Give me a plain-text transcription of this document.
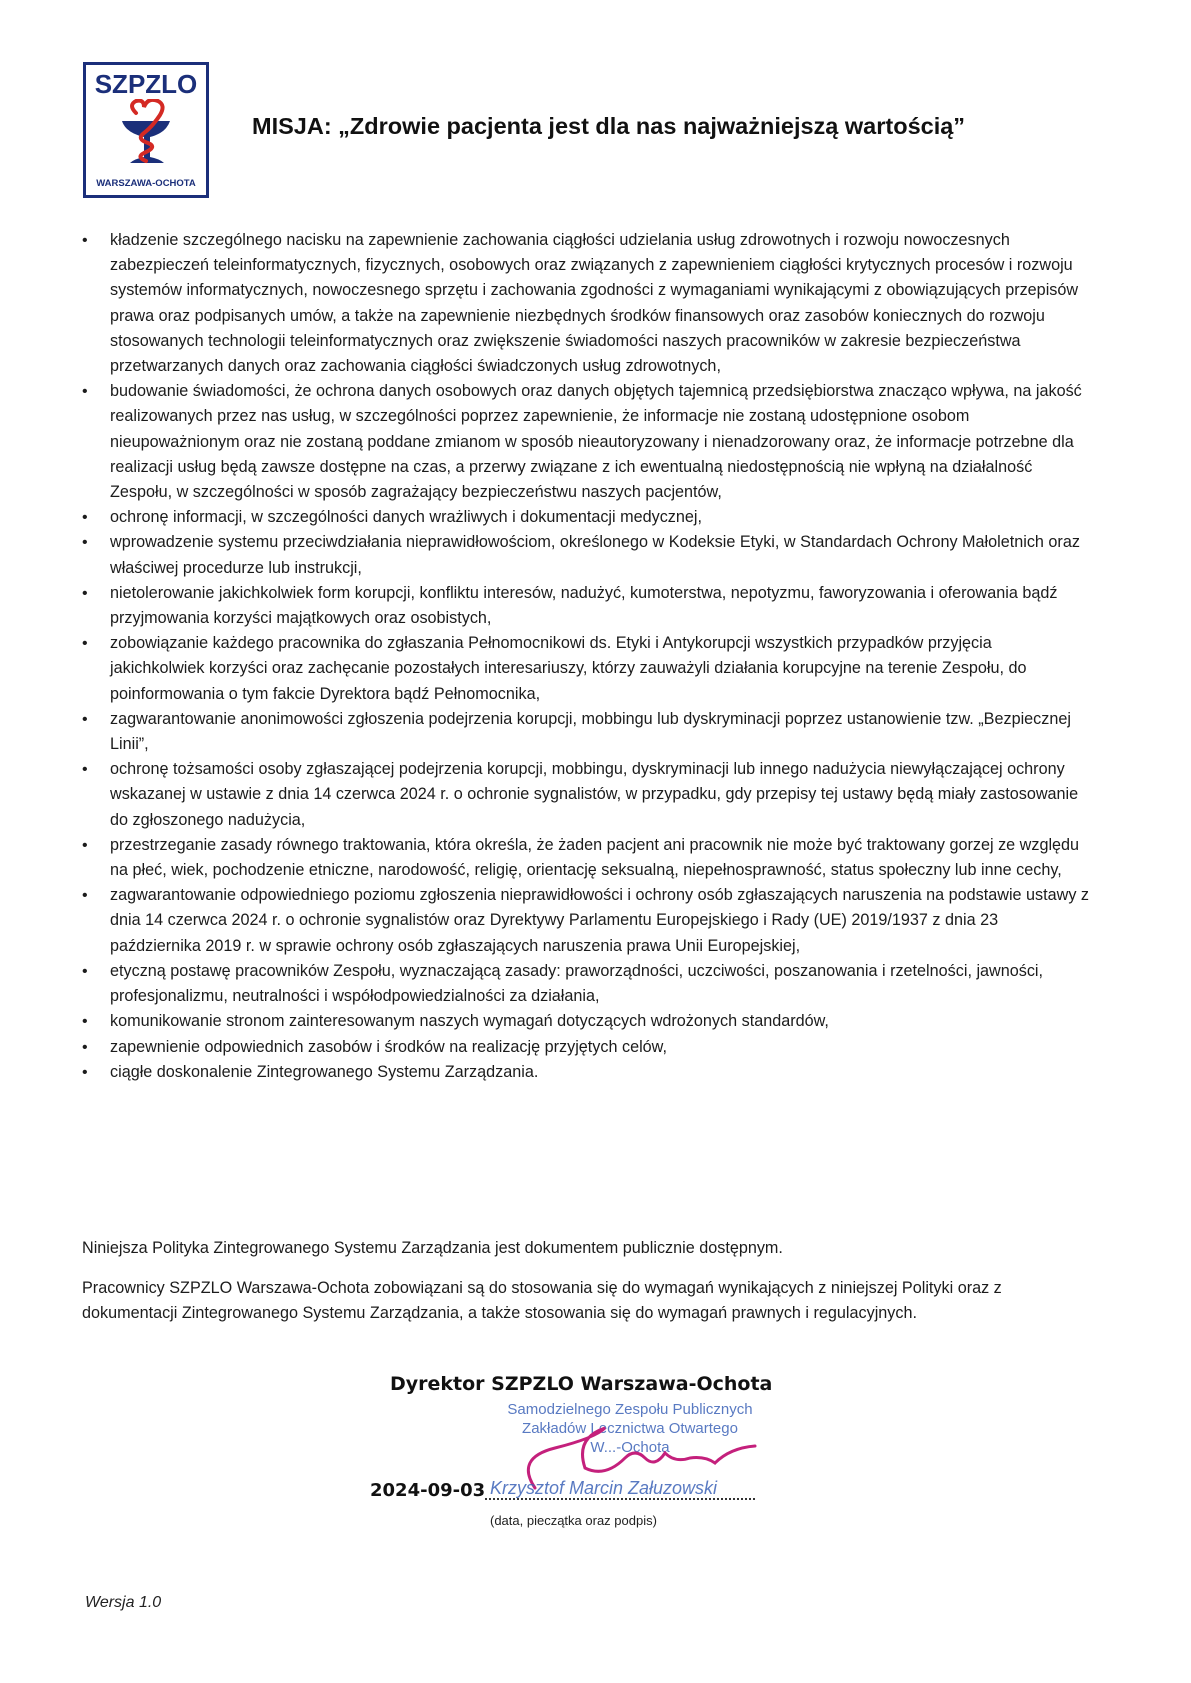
SZPZLO
WARSZAWA-OCHOTA
MISJA: „Zdrowie pacjenta jest dla nas najważniejszą wartością”
• kładzenie szczególnego nacisku na zapewnienie zachowania ciągłości udzielania usług zdrowotnych i rozwoju nowoczesnych zabezpieczeń teleinformatycznych, fizycznych, osobowych oraz związanych z zapewnieniem ciągłości krytycznych procesów i rozwoju systemów informatycznych, nowoczesnego sprzętu i zachowania zgodności z wymaganiami wynikającymi z obowiązujących przepisów prawa oraz podpisanych umów, a także na zapewnienie niezbędnych środków finansowych oraz zasobów koniecznych do rozwoju stosowanych technologii teleinformatycznych oraz zwiększenie świadomości naszych pracowników w zakresie bezpieczeństwa przetwarzanych danych oraz zachowania ciągłości świadczonych usług zdrowotnych,
• budowanie świadomości, że ochrona danych osobowych oraz danych objętych tajemnicą przedsiębiorstwa znacząco wpływa, na jakość realizowanych przez nas usług, w szczególności poprzez zapewnienie, że informacje nie zostaną udostępnione osobom nieupoważnionym oraz nie zostaną poddane zmianom w sposób nieautoryzowany i nienadzorowany oraz, że informacje potrzebne dla realizacji usług będą zawsze dostępne na czas, a przerwy związane z ich ewentualną niedostępnością nie wpłyną na działalność Zespołu, w szczególności w sposób zagrażający bezpieczeństwu naszych pacjentów,
• ochronę informacji, w szczególności danych wrażliwych i dokumentacji medycznej,
• wprowadzenie systemu przeciwdziałania nieprawidłowościom, określonego w Kodeksie Etyki, w Standardach Ochrony Małoletnich oraz właściwej procedurze lub instrukcji,
• nietolerowanie jakichkolwiek form korupcji, konfliktu interesów, nadużyć, kumoterstwa, nepotyzmu, faworyzowania i oferowania bądź przyjmowania korzyści majątkowych oraz osobistych,
• zobowiązanie każdego pracownika do zgłaszania Pełnomocnikowi ds. Etyki i Antykorupcji wszystkich przypadków przyjęcia jakichkolwiek korzyści oraz zachęcanie pozostałych interesariuszy, którzy zauważyli działania korupcyjne na terenie Zespołu, do poinformowania o tym fakcie Dyrektora bądź Pełnomocnika,
• zagwarantowanie anonimowości zgłoszenia podejrzenia korupcji, mobbingu lub dyskryminacji poprzez ustanowienie tzw. „Bezpiecznej Linii”,
• ochronę tożsamości osoby zgłaszającej podejrzenia korupcji, mobbingu, dyskryminacji lub innego nadużycia niewyłączającej ochrony wskazanej w ustawie z dnia 14 czerwca 2024 r. o ochronie sygnalistów, w przypadku, gdy przepisy tej ustawy będą miały zastosowanie do zgłoszonego nadużycia,
• przestrzeganie zasady równego traktowania, która określa, że żaden pacjent ani pracownik nie może być traktowany gorzej ze względu na płeć, wiek, pochodzenie etniczne, narodowość, religię, orientację seksualną, niepełnosprawność, status społeczny lub inne cechy,
• zagwarantowanie odpowiedniego poziomu zgłoszenia nieprawidłowości i ochrony osób zgłaszających naruszenia na podstawie ustawy z dnia 14 czerwca 2024 r. o ochronie sygnalistów oraz Dyrektywy Parlamentu Europejskiego i Rady (UE) 2019/1937 z dnia 23 października 2019 r. w sprawie ochrony osób zgłaszających naruszenia prawa Unii Europejskiej,
• etyczną postawę pracowników Zespołu, wyznaczającą zasady: praworządności, uczciwości, poszanowania i rzetelności, jawności, profesjonalizmu, neutralności i współodpowiedzialności za działania,
• komunikowanie stronom zainteresowanym naszych wymagań dotyczących wdrożonych standardów,
• zapewnienie odpowiednich zasobów i środków na realizację przyjętych celów,
• ciągłe doskonalenie Zintegrowanego Systemu Zarządzania.

Niniejsza Polityka Zintegrowanego Systemu Zarządzania jest dokumentem publicznie dostępnym.

Pracownicy SZPZLO Warszawa-Ochota zobowiązani są do stosowania się do wymagań wynikających z niniejszej Polityki oraz z dokumentacji Zintegrowanego Systemu Zarządzania, a także stosowania się do wymagań prawnych i regulacyjnych.

Dyrektor SZPZLO Warszawa-Ochota
Samodzielnego Zespołu Publicznych
Zakładów Lecznictwa Otwartego
W...-Ochota
2024-09-03 Krzysztof Marcin Załuzowski
(data, pieczątka oraz podpis)
Wersja 1.0
